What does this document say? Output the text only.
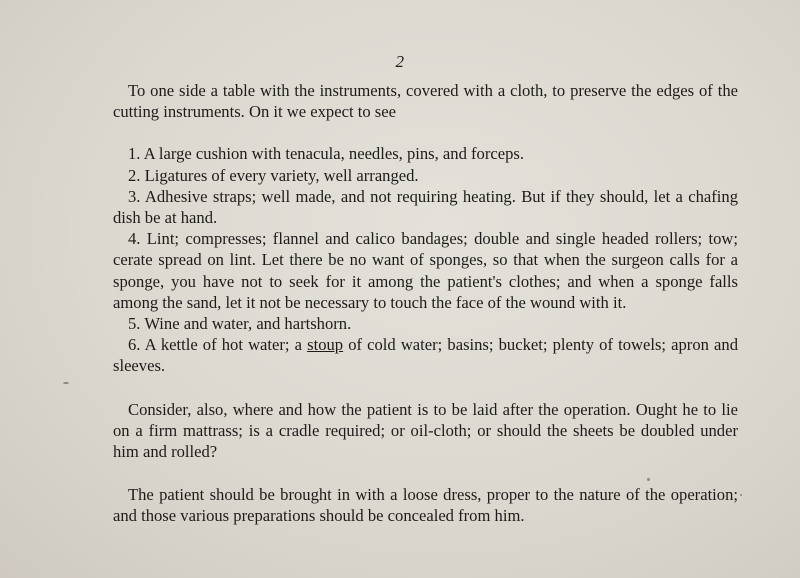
2

To one side a table with the instruments, covered with a cloth, to preserve the edges of the cutting instruments. On it we expect to see

1. A large cushion with tenacula, needles, pins, and forceps.
2. Ligatures of every variety, well arranged.
3. Adhesive straps; well made, and not requiring heating. But if they should, let a chafing dish be at hand.
4. Lint; compresses; flannel and calico bandages; double and single headed rollers; tow; cerate spread on lint. Let there be no want of sponges, so that when the surgeon calls for a sponge, you have not to seek for it among the patient's clothes; and when a sponge falls among the sand, let it not be necessary to touch the face of the wound with it.
5. Wine and water, and hartshorn.
6. A kettle of hot water; a stoup of cold water; basins; bucket; plenty of towels; apron and sleeves.

Consider, also, where and how the patient is to be laid after the operation. Ought he to lie on a firm mattrass; is a cradle required; or oil-cloth; or should the sheets be doubled under him and rolled?

The patient should be brought in with a loose dress, proper to the nature of the operation; and those various preparations should be concealed from him.
